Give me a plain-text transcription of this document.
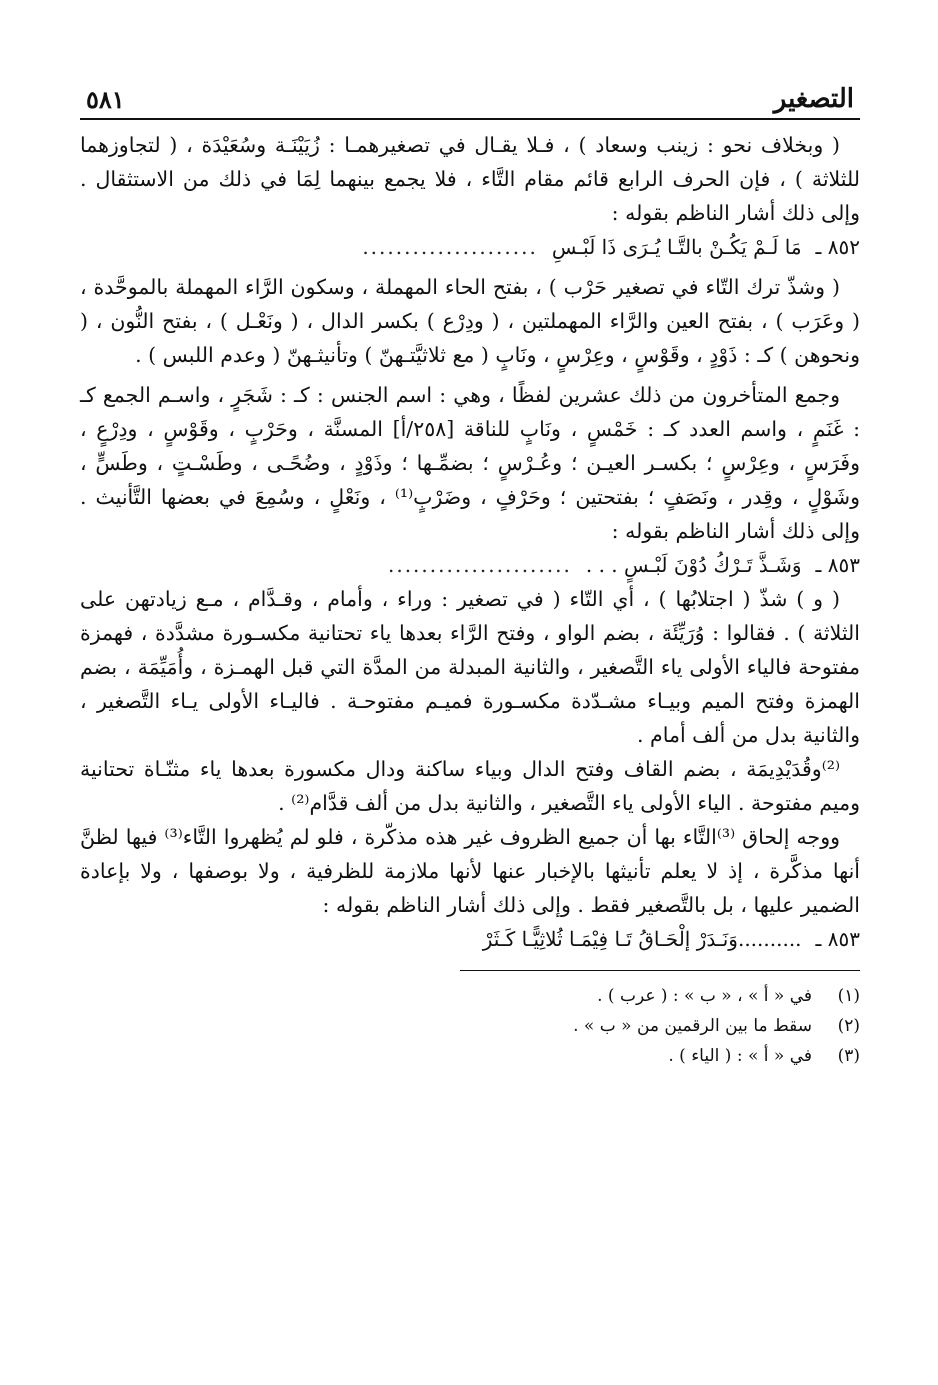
التصغير
٥٨١

( وبخلاف نحو : زينب وسعاد ) ، فـلا يقـال في تصغيرهمـا : زُيَيْنَـة وسُعَيْدَة ، ( لتجاوزهما للثلاثة ) ، فإن الحرف الرابع قائم مقام التَّاء ، فلا يجمع بينهما لِمَا في ذلك من الاستثقال . وإلى ذلك أشار الناظم بقوله :

٨٥٢ ـ
مَا لَـمْ يَكُـنْ بالتَّـا يُـرَى ذَا لَبْـسِ
.....................

( وشذّ ترك التّاء في تصغير حَرْب ) ، بفتح الحاء المهملة ، وسكون الرَّاء المهملة بالموحَّدة ، ( وعَرَب ) ، بفتح العين والرَّاء المهملتين ، ( ودِرْع ) بكسر الدال ، ( ونَعْـل ) ، بفتح النُّون ، ( ونحوهن ) كـ : ذَوْدٍ ، وقَوْسٍ ، وعِرْسٍ ، ونَابٍ ( مع ثلاثيَّتـهنّ ) وتأنيثـهنّ ( وعدم اللبس ) .

وجمع المتأخرون من ذلك عشرين لفظًا ، وهي : اسم الجنس : كـ : شَجَرٍ ، واسـم الجمع كـ : غَنَمٍ ، واسم العدد كـ : خَمْسٍ ، ونَابٍ للناقة [٢٥٨/أ] المسنَّة ، وحَرْبٍ ، وقَوْسٍ ، ودِرْعٍ ، وفَرَسٍ ، وعِرْسٍ ؛ بكسـر العيـن ؛ وعُـرْسٍ ؛ بضمِّـها ؛ وذَوْدٍ ، وضُحًـى ، وطَسْـتٍ ، وطَسٍّ ، وشَوْلٍ ، وقِدر ، ونَصَفٍ ؛ بفتحتين ؛ وحَرْفٍ ، وضَرْبٍ⁽¹⁾ ، ونَعْلٍ ، وسُمِعَ في بعضها التَّأنيث . وإلى ذلك أشار الناظم بقوله :

٨٥٣ ـ
وَشَـذَّ تَـرْكُ دُوْنَ لَبْـسٍ . . .
......................

( و ) شذّ ( اجتلابُها ) ، أي التّاء ( في تصغير : وراء ، وأمام ، وقـدَّام ، مـع زيادتهن على الثلاثة ) . فقالوا : وُرَيِّئَة ، بضم الواو ، وفتح الرَّاء بعدها ياء تحتانية مكسـورة مشدَّدة ، فهمزة مفتوحة فالياء الأولى ياء التَّصغير ، والثانية المبدلة من المدَّة التي قبل الهمـزة ، وأُمَيِّمَة ، بضم الهمزة وفتح الميم وبيـاء مشـدّدة مكسـورة فميـم مفتوحـة . فاليـاء الأولى يـاء التَّصغير ، والثانية بدل من ألف أمام .

⁽²⁾وقُدَيْدِيمَة ، بضم القاف وفتح الدال وبياء ساكنة ودال مكسورة بعدها ياء مثنّـاة تحتانية وميم مفتوحة . الياء الأولى ياء التَّصغير ، والثانية بدل من ألف قدَّام⁽²⁾ .

ووجه إلحاق ⁽³⁾التَّاء بها أن جميع الظروف غير هذه مذكّرة ، فلو لم يُظهروا التَّاء⁽³⁾ فيها لظنَّ أنها مذكَّرة ، إذ لا يعلم تأنيثها بالإخبار عنها لأنها ملازمة للظرفية ، ولا بوصفها ، ولا بإعادة الضمير عليها ، بل بالتَّصغير فقط . وإلى ذلك أشار الناظم بقوله :

٨٥٣ ـ
..........وَنَـدَرْ إلْحَـاقُ تَـا فِيْمَـا ثُلاثِيًّـا كَـثَرْ
(١)
في « أ » ، « ب » : ( عرب ) .
(٢)
سقط ما بين الرقمين من « ب » .
(٣)
في « أ » : ( الياء ) .
